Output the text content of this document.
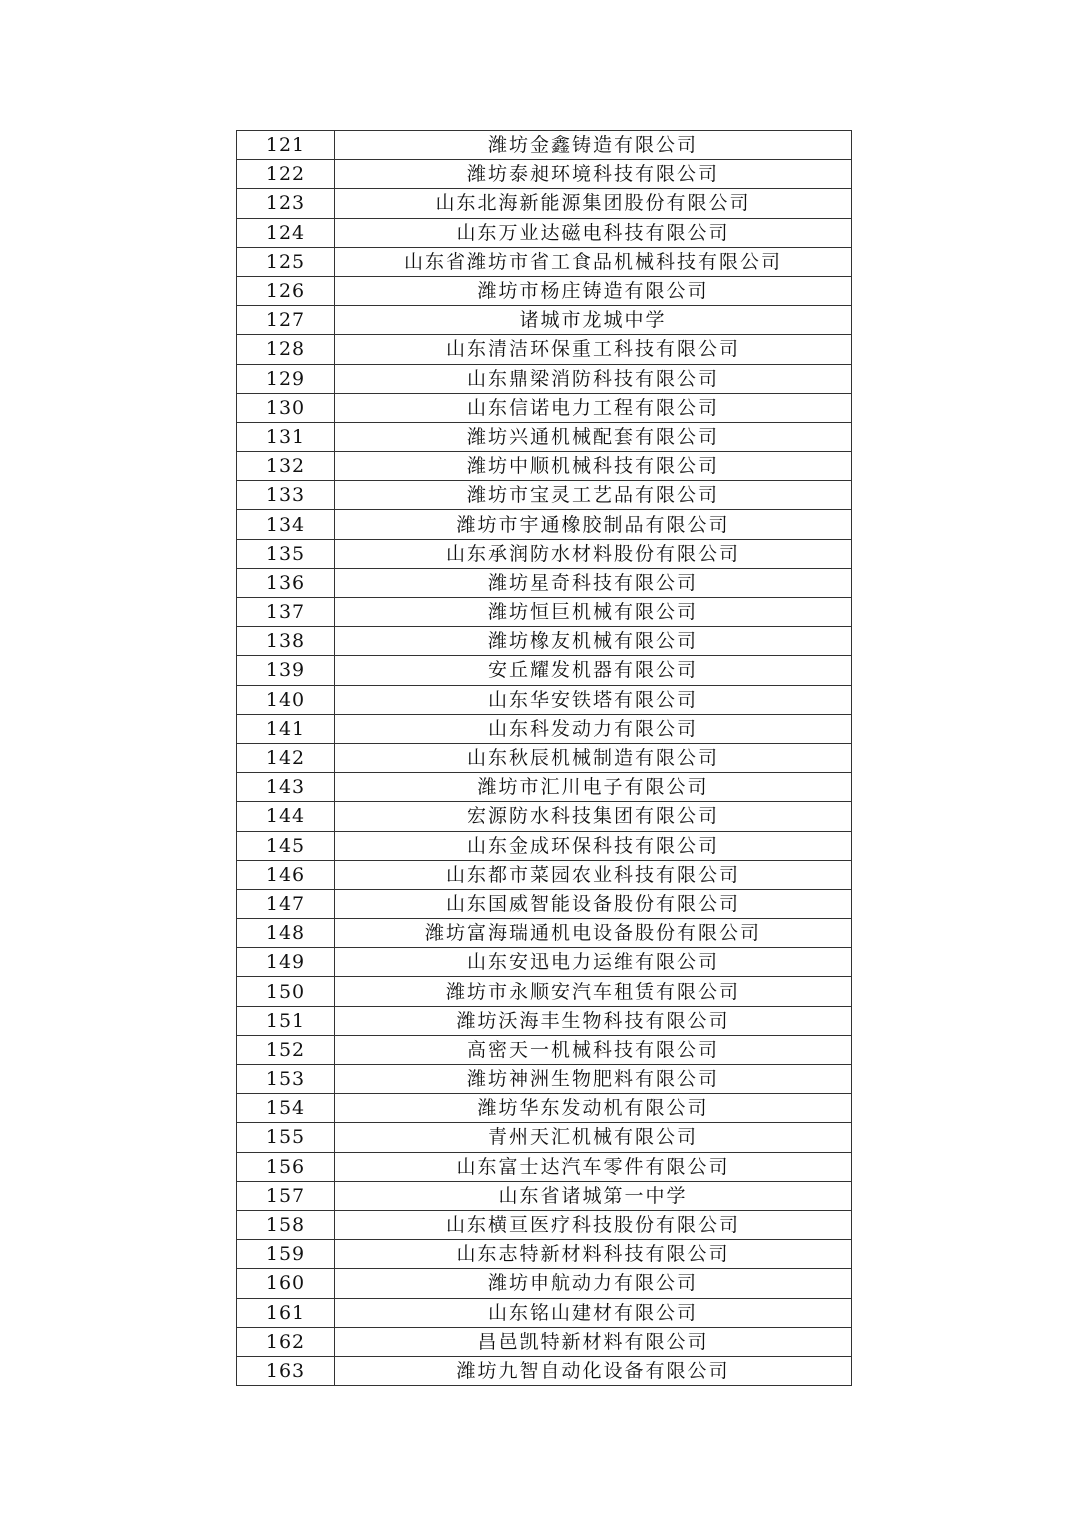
121	潍坊金鑫铸造有限公司
122	潍坊泰昶环境科技有限公司
123	山东北海新能源集团股份有限公司
124	山东万业达磁电科技有限公司
125	山东省潍坊市省工食品机械科技有限公司
126	潍坊市杨庄铸造有限公司
127	诸城市龙城中学
128	山东清洁环保重工科技有限公司
129	山东鼎梁消防科技有限公司
130	山东信诺电力工程有限公司
131	潍坊兴通机械配套有限公司
132	潍坊中顺机械科技有限公司
133	潍坊市宝灵工艺品有限公司
134	潍坊市宇通橡胶制品有限公司
135	山东承润防水材料股份有限公司
136	潍坊星奇科技有限公司
137	潍坊恒巨机械有限公司
138	潍坊橡友机械有限公司
139	安丘耀发机器有限公司
140	山东华安铁塔有限公司
141	山东科发动力有限公司
142	山东秋辰机械制造有限公司
143	潍坊市汇川电子有限公司
144	宏源防水科技集团有限公司
145	山东金成环保科技有限公司
146	山东都市菜园农业科技有限公司
147	山东国威智能设备股份有限公司
148	潍坊富海瑞通机电设备股份有限公司
149	山东安迅电力运维有限公司
150	潍坊市永顺安汽车租赁有限公司
151	潍坊沃海丰生物科技有限公司
152	高密天一机械科技有限公司
153	潍坊神洲生物肥料有限公司
154	潍坊华东发动机有限公司
155	青州天汇机械有限公司
156	山东富士达汽车零件有限公司
157	山东省诸城第一中学
158	山东横亘医疗科技股份有限公司
159	山东志特新材料科技有限公司
160	潍坊申航动力有限公司
161	山东铭山建材有限公司
162	昌邑凯特新材料有限公司
163	潍坊九智自动化设备有限公司
